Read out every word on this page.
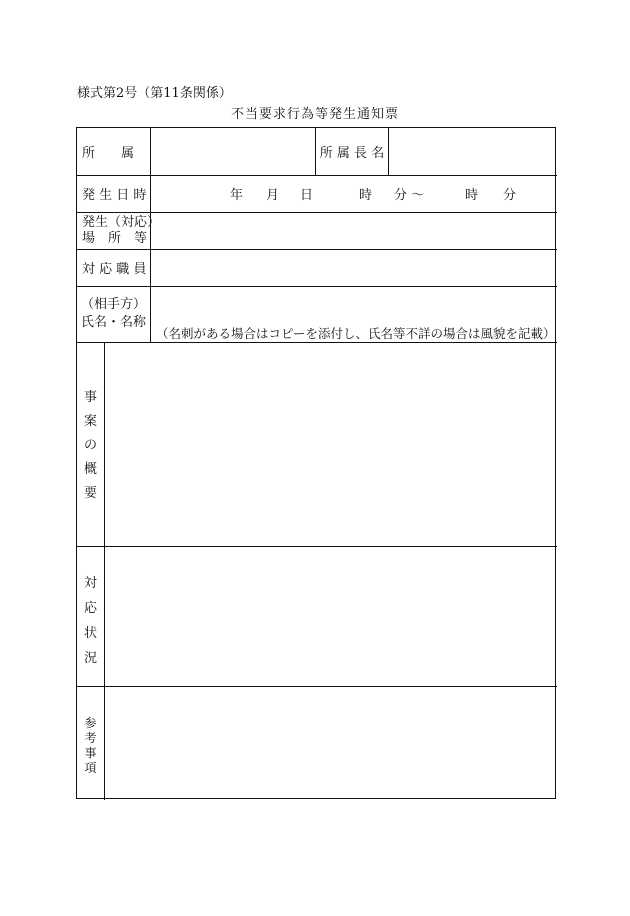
様式第2号（第11条関係）
不当要求行為等発生通知票
所　　属	所 属 長 名
発 生 日 時	年 月 日	時 分 〜	時 分
発生（対応）
場　所　等
対 応 職 員
（相手方）
氏名・名称
（名刺がある場合はコピーを添付し、氏名等不詳の場合は風貌を記載）
事
案
の
概
要
対
応
状
況
参
考
事
項
